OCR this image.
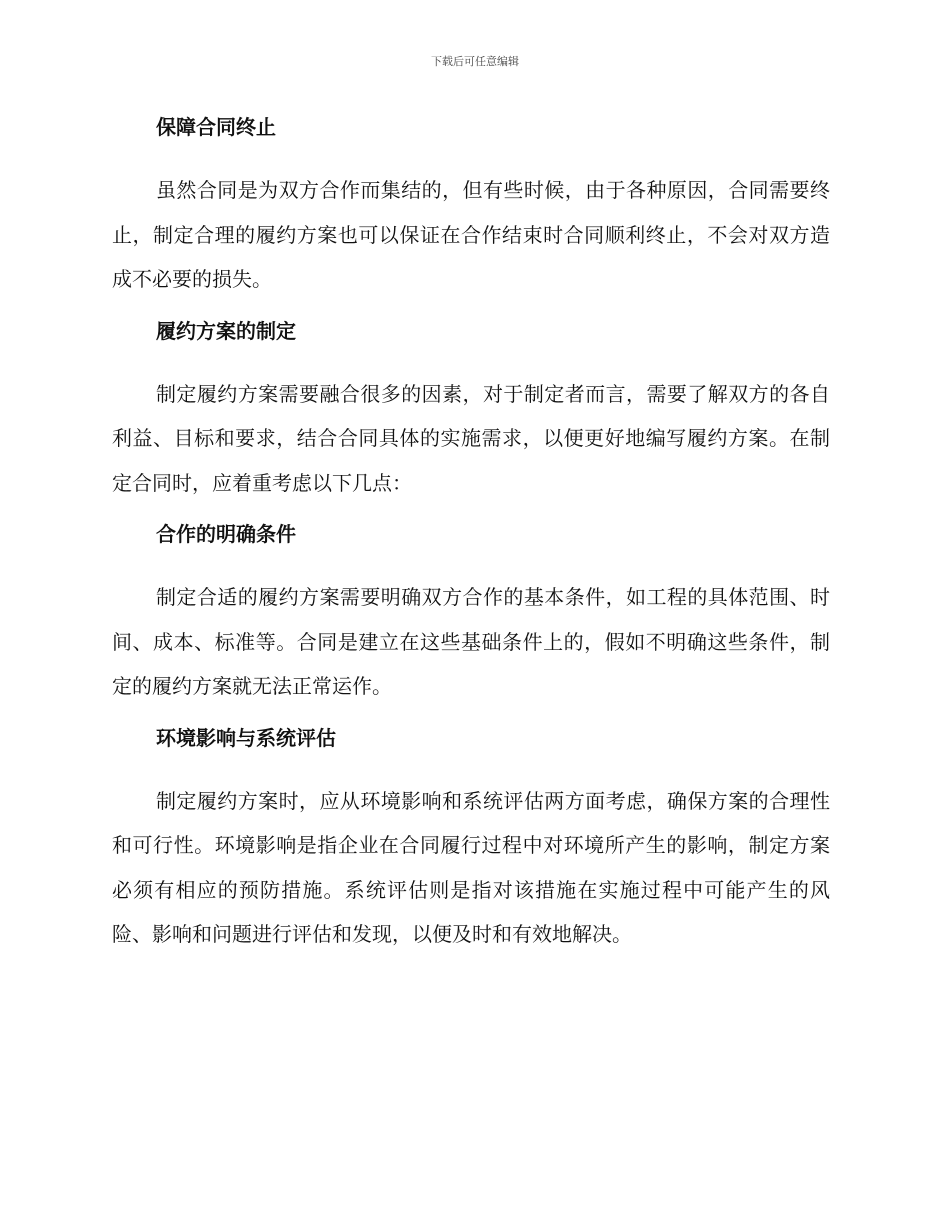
下载后可任意编辑
保障合同终止

虽然合同是为双方合作而集结的，但有些时候，由于各种原因，合同需要终止，制定合理的履约方案也可以保证在合作结束时合同顺利终止，不会对双方造成不必要的损失。

履约方案的制定

制定履约方案需要融合很多的因素，对于制定者而言，需要了解双方的各自利益、目标和要求，结合合同具体的实施需求，以便更好地编写履约方案。在制定合同时，应着重考虑以下几点：

合作的明确条件

制定合适的履约方案需要明确双方合作的基本条件，如工程的具体范围、时间、成本、标准等。合同是建立在这些基础条件上的，假如不明确这些条件，制定的履约方案就无法正常运作。

环境影响与系统评估

制定履约方案时，应从环境影响和系统评估两方面考虑，确保方案的合理性和可行性。环境影响是指企业在合同履行过程中对环境所产生的影响，制定方案必须有相应的预防措施。系统评估则是指对该措施在实施过程中可能产生的风险、影响和问题进行评估和发现，以便及时和有效地解决。
